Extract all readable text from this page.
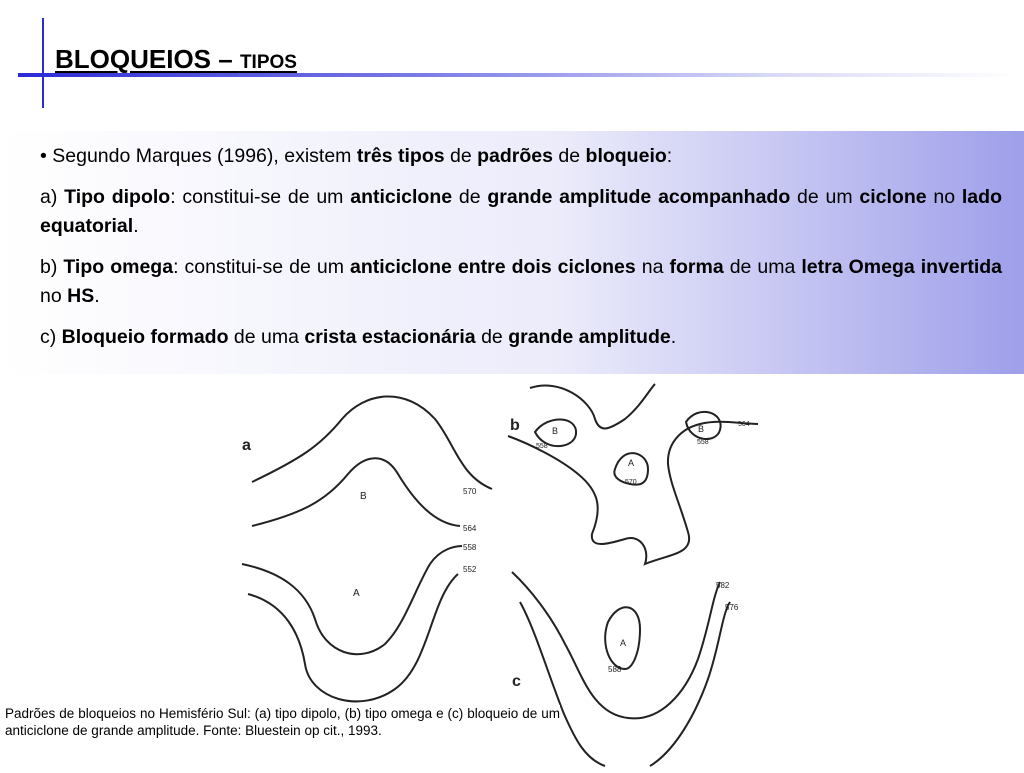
BLOQUEIOS – TIPOS

• Segundo Marques (1996), existem três tipos de padrões de bloqueio:

a) Tipo dipolo: constitui-se de um anticiclone de grande amplitude acompanhado de um ciclone no lado equatorial.

b) Tipo omega: constitui-se de um anticiclone entre dois ciclones na forma de uma letra Omega invertida no HS.

c) Bloqueio formado de uma crista estacionária de grande amplitude.

a
B
A
570
564
558
552
b	B	B
A
558
558
570
564
A
582
576
588
c
Padrões de bloqueios no Hemisfério Sul: (a) tipo dipolo, (b) tipo omega e (c) bloqueio de um anticiclone de grande amplitude. Fonte: Bluestein op cit., 1993.
